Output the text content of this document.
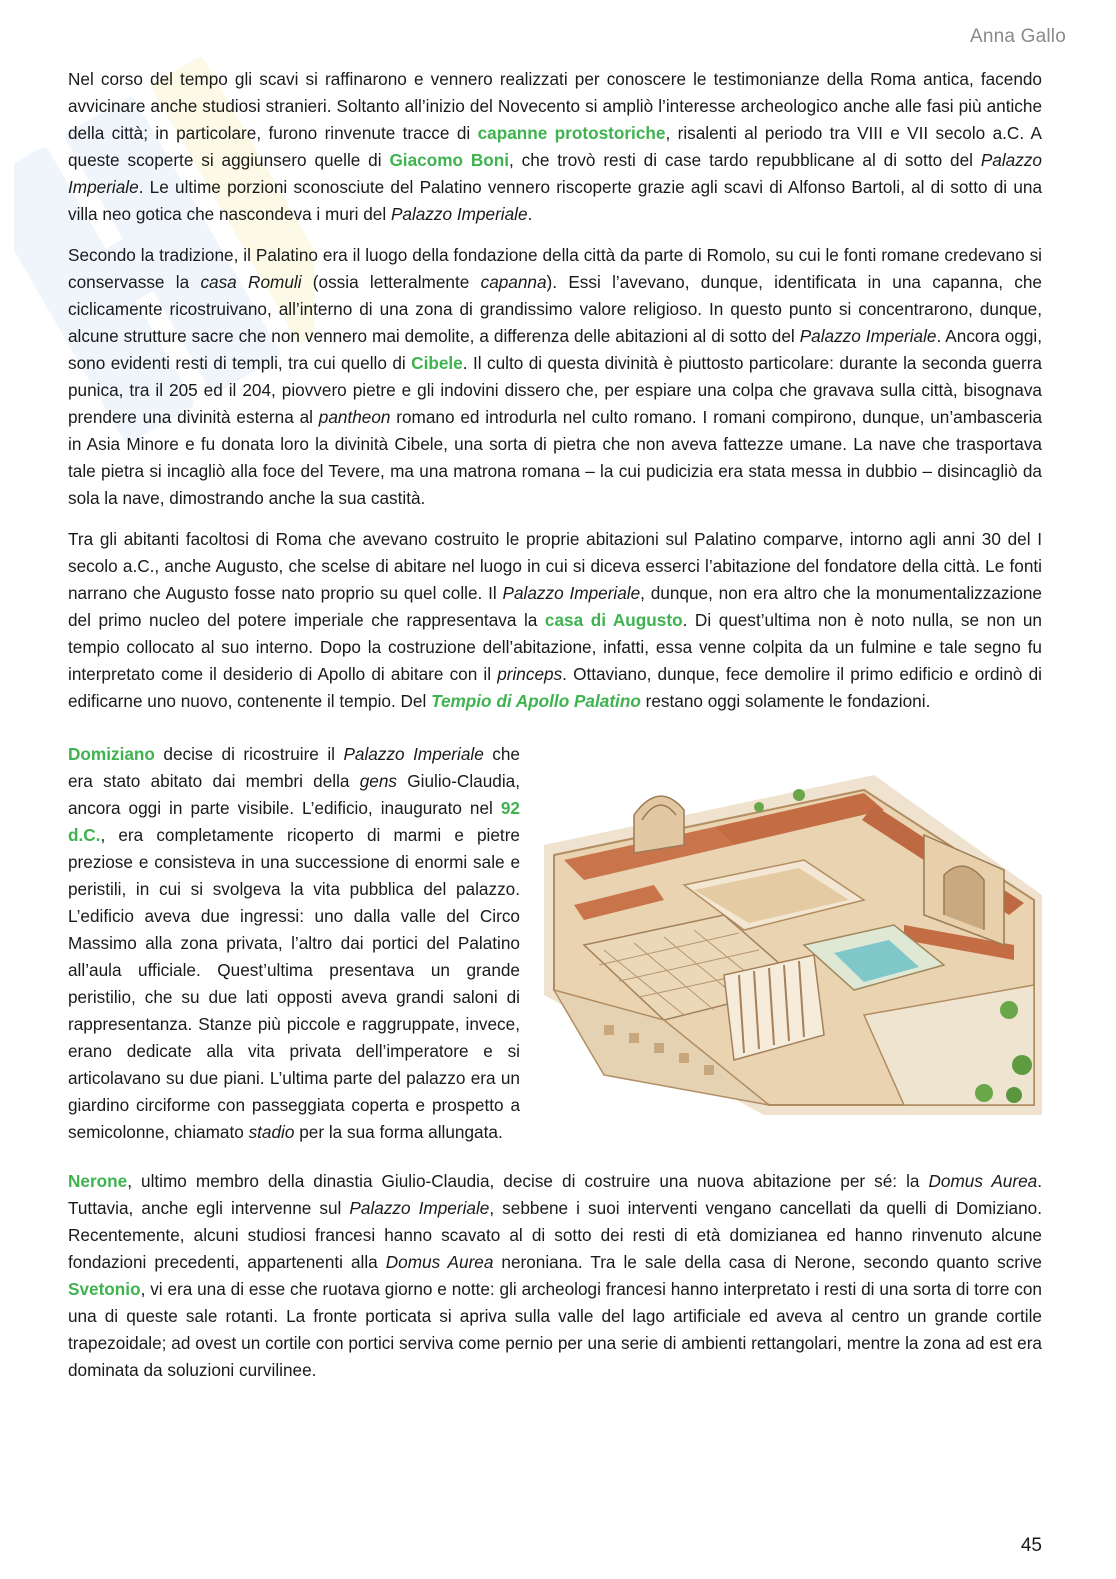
Anna Gallo

Nel corso del tempo gli scavi si raffinarono e vennero realizzati per conoscere le testimonianze della Roma antica, facendo avvicinare anche studiosi stranieri. Soltanto all’inizio del Novecento si ampliò l’interesse archeologico anche alle fasi più antiche della città; in particolare, furono rinvenute tracce di capanne protostoriche, risalenti al periodo tra VIII e VII secolo a.C. A queste scoperte si aggiunsero quelle di Giacomo Boni, che trovò resti di case tardo repubblicane al di sotto del Palazzo Imperiale. Le ultime porzioni sconosciute del Palatino vennero riscoperte grazie agli scavi di Alfonso Bartoli, al di sotto di una villa neo gotica che nascondeva i muri del Palazzo Imperiale.

Secondo la tradizione, il Palatino era il luogo della fondazione della città da parte di Romolo, su cui le fonti romane credevano si conservasse la casa Romuli (ossia letteralmente capanna). Essi l’avevano, dunque, identificata in una capanna, che ciclicamente ricostruivano, all’interno di una zona di grandissimo valore religioso. In questo punto si concentrarono, dunque, alcune strutture sacre che non vennero mai demolite, a differenza delle abitazioni al di sotto del Palazzo Imperiale. Ancora oggi, sono evidenti resti di templi, tra cui quello di Cibele. Il culto di questa divinità è piuttosto particolare: durante la seconda guerra punica, tra il 205 ed il 204, piovvero pietre e gli indovini dissero che, per espiare una colpa che gravava sulla città, bisognava prendere una divinità esterna al pantheon romano ed introdurla nel culto romano. I romani compirono, dunque, un’ambasceria in Asia Minore e fu donata loro la divinità Cibele, una sorta di pietra che non aveva fattezze umane. La nave che trasportava tale pietra si incagliò alla foce del Tevere, ma una matrona romana – la cui pudicizia era stata messa in dubbio – disincagliò da sola la nave, dimostrando anche la sua castità.

Tra gli abitanti facoltosi di Roma che avevano costruito le proprie abitazioni sul Palatino comparve, intorno agli anni 30 del I secolo a.C., anche Augusto, che scelse di abitare nel luogo in cui si diceva esserci l’abitazione del fondatore della città. Le fonti narrano che Augusto fosse nato proprio su quel colle. Il Palazzo Imperiale, dunque, non era altro che la monumentalizzazione del primo nucleo del potere imperiale che rappresentava la casa di Augusto. Di quest’ultima non è noto nulla, se non un tempio collocato al suo interno. Dopo la costruzione dell’abitazione, infatti, essa venne colpita da un fulmine e tale segno fu interpretato come il desiderio di Apollo di abitare con il princeps. Ottaviano, dunque, fece demolire il primo edificio e ordinò di edificarne uno nuovo, contenente il tempio. Del Tempio di Apollo Palatino restano oggi solamente le fondazioni.

Domiziano decise di ricostruire il Palazzo Imperiale che era stato abitato dai membri della gens Giulio-Claudia, ancora oggi in parte visibile. L’edificio, inaugurato nel 92 d.C., era completamente ricoperto di marmi e pietre preziose e consisteva in una successione di enormi sale e peristili, in cui si svolgeva la vita pubblica del palazzo. L’edificio aveva due ingressi: uno dalla valle del Circo Massimo alla zona privata, l’altro dai portici del Palatino all’aula ufficiale. Quest’ultima presentava un grande peristilio, che su due lati opposti aveva grandi saloni di rappresentanza. Stanze più piccole e raggruppate, invece, erano dedicate alla vita privata dell’imperatore e si articolavano su due piani. L’ultima parte del palazzo era un giardino circiforme con passeggiata coperta e prospetto a semicolonne, chiamato stadio per la sua forma allungata.

Nerone, ultimo membro della dinastia Giulio-Claudia, decise di costruire una nuova abitazione per sé: la Domus Aurea. Tuttavia, anche egli intervenne sul Palazzo Imperiale, sebbene i suoi interventi vengano cancellati da quelli di Domiziano. Recentemente, alcuni studiosi francesi hanno scavato al di sotto dei resti di età domizianea ed hanno rinvenuto alcune fondazioni precedenti, appartenenti alla Domus Aurea neroniana. Tra le sale della casa di Nerone, secondo quanto scrive Svetonio, vi era una di esse che ruotava giorno e notte: gli archeologi francesi hanno interpretato i resti di una sorta di torre con una di queste sale rotanti. La fronte porticata si apriva sulla valle del lago artificiale ed aveva al centro un grande cortile trapezoidale; ad ovest un cortile con portici serviva come pernio per una serie di ambienti rettangolari, mentre la zona ad est era dominata da soluzioni curvilinee.

45
